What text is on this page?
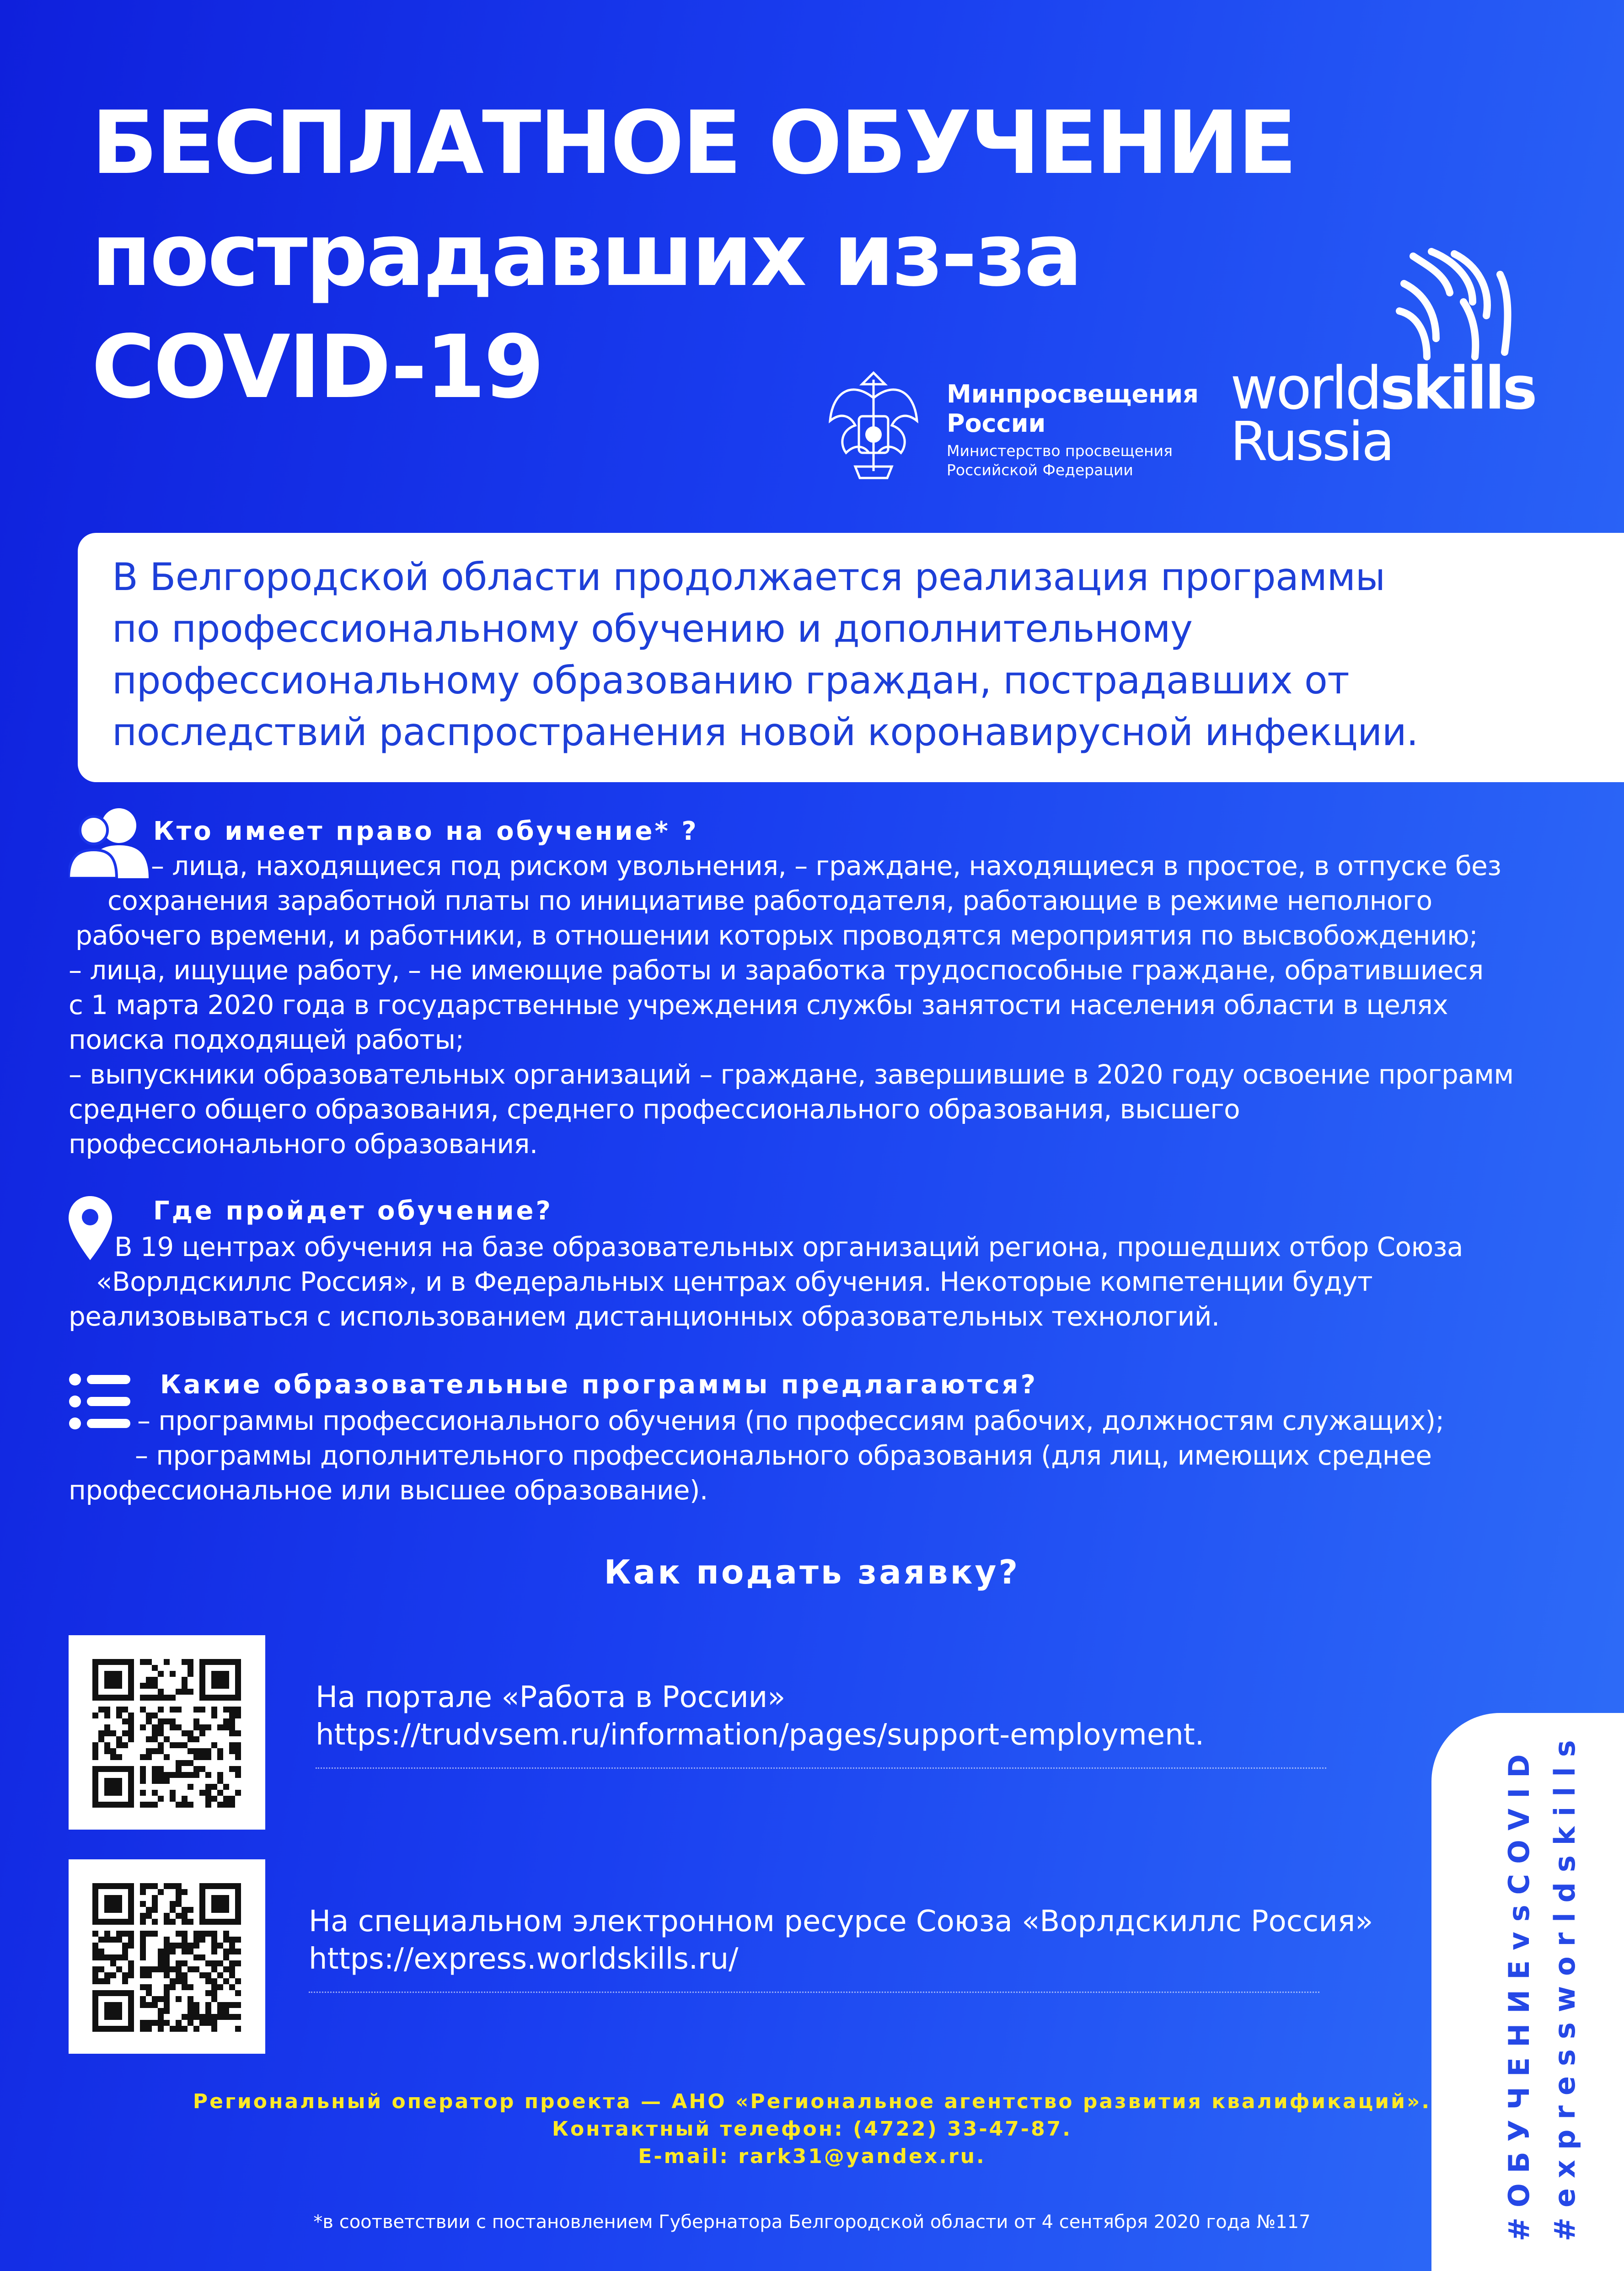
БЕСПЛАТНОЕ ОБУЧЕНИЕ
пострадавших из-за
COVID-19	Минпросвещения
России
Министерство просвещения
Российской Федерации
worldskills
Russia

В Белгородской области продолжается реализация программы

по профессиональному обучению и дополнительному

профессиональному образованию граждан, пострадавших от

последствий распространения новой коронавирусной инфекции.

Кто имеет право на обучение* ?
– лица, находящиеся под риском увольнения, – граждане, находящиеся в простое, в отпуске без
сохранения заработной платы по инициативе работодателя, работающие в режиме неполного
рабочего времени, и работники, в отношении которых проводятся мероприятия по высвобождению;
– лица, ищущие работу, – не имеющие работы и заработка трудоспособные граждане, обратившиеся
с 1 марта 2020 года в государственные учреждения службы занятости населения области в целях
поиска подходящей работы;
– выпускники образовательных организаций – граждане, завершившие в 2020 году освоение программ
среднего общего образования, среднего профессионального образования, высшего
профессионального образования.
Где пройдет обучение?
В 19 центрах обучения на базе образовательных организаций региона, прошедших отбор Союза
«Ворлдскиллс Россия», и в Федеральных центрах обучения. Некоторые компетенции будут
реализовываться с использованием дистанционных образовательных технологий.
Какие образовательные программы предлагаются?
– программы профессионального обучения (по профессиям рабочих, должностям служащих);
– программы дополнительного профессионального образования (для лиц, имеющих среднее
профессиональное или высшее образование).
Как подать заявку?
На портале «Работа в России»
https://trudvsem.ru/information/pages/support-employment.
На специальном электронном ресурсе Союза «Ворлдскиллс Россия»
https://express.worldskills.ru/	#ОБУЧЕНИЕvsCOVID #expressworldskills
Региональный оператор проекта — АНО «Региональное агентство развития квалификаций».
Контактный телефон: (4722) 33-47-87.
E-mail: rark31@yandex.ru.
*в соответствии с постановлением Губернатора Белгородской области от 4 сентября 2020 года №117
